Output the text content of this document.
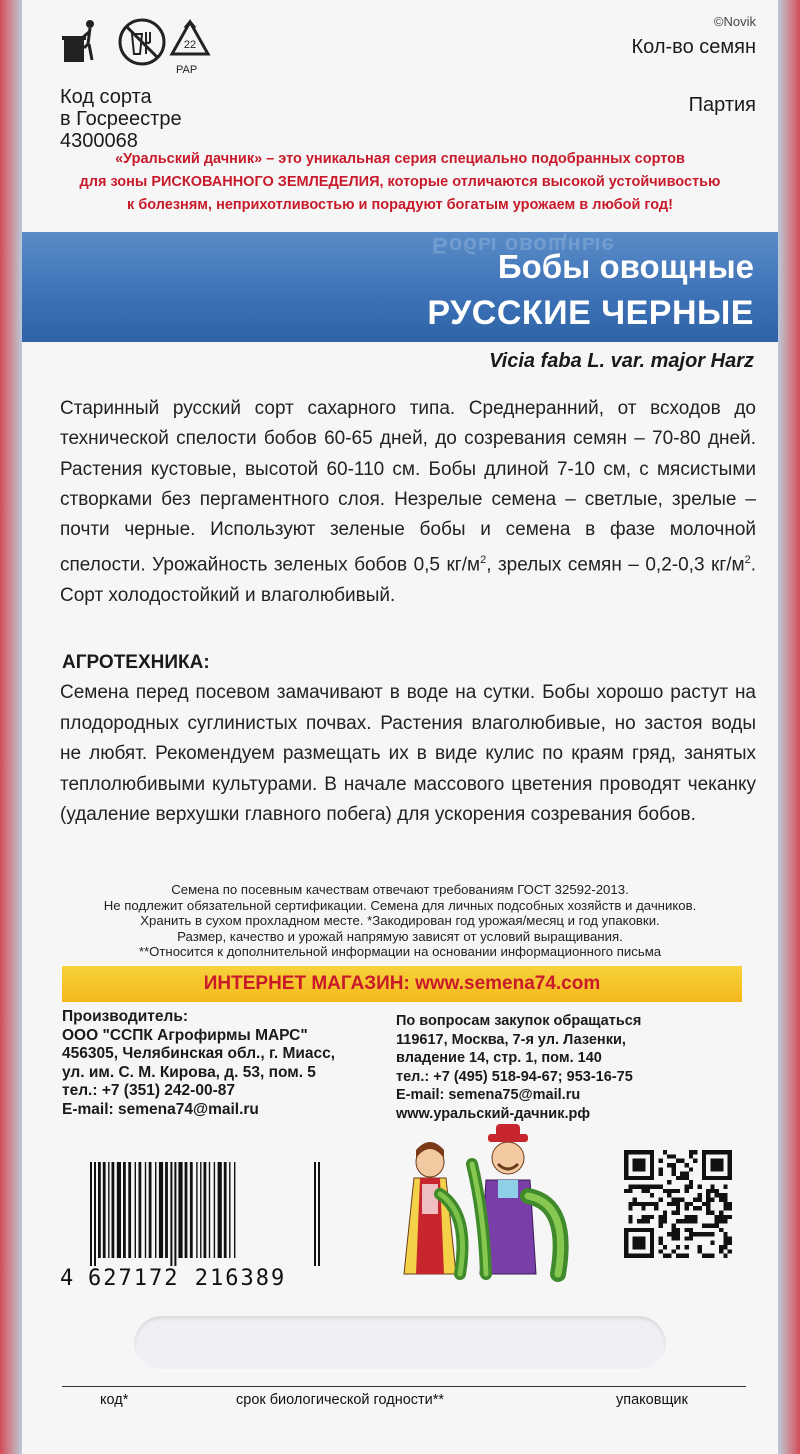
22
PAP
©Novik
Кол-во семян
Партия
Код сорта
в Госреестре
4300068
«Уральский дачник» – это уникальная серия специально подобранных сортов
для зоны РИСКОВАННОГО ЗЕМЛЕДЕЛИЯ, которые отличаются высокой устойчивостью
к болезням, неприхотливостью и порадуют богатым урожаем в любой год!
Бобы овощные
Бобы овощные
РУССКИЕ ЧЕРНЫЕ
Vicia faba L. var. major Harz
Старинный русский сорт сахарного типа. Среднеранний, от всходов до технической спелости бобов 60-65 дней, до созревания семян – 70-80 дней. Растения кустовые, высотой 60-110 см. Бобы длиной 7-10 см, с мясистыми створками без пергаментного слоя. Незрелые семена – светлые, зрелые – почти черные. Используют зеленые бобы и семена в фазе молочной спелости. Урожайность зеленых бобов 0,5 $кг/м^2$, зрелых семян – 0,2-0,3 $кг/м^2$. Сорт холодостойкий и влаголюбивый.
АГРОТЕХНИКА:
Семена перед посевом замачивают в воде на сутки. Бобы хорошо растут на плодородных суглинистых почвах. Растения влаголюбивые, но застоя воды не любят. Рекомендуем размещать их в виде кулис по краям гряд, занятых теплолюбивыми культурами. В начале массового цветения проводят чеканку (удаление верхушки главного побега) для ускорения созревания бобов.
Семена по посевным качествам отвечают требованиям ГОСТ 32592-2013.
Не подлежит обязательной сертификации. Семена для личных подсобных хозяйств и дачников.
Хранить в сухом прохладном месте. *Закодирован год урожая/месяц и год упаковки.
Размер, качество и урожай напрямую зависят от условий выращивания.
**Относится к дополнительной информации на основании информационного письма
ИНТЕРНЕТ МАГАЗИН: www.semena74.com
Производитель:
ООО "ССПК Агрофирмы МАРС"
456305, Челябинская обл., г. Миасс,
ул. им. С. М. Кирова, д. 53, пом. 5
тел.: +7 (351) 242-00-87
E-mail: semena74@mail.ru
По вопросам закупок обращаться
119617, Москва, 7-я ул. Лазенки,
владение 14, стр. 1, пом. 140
тел.: +7 (495) 518-94-67; 953-16-75
E-mail: semena75@mail.ru
www.уральский-дачник.рф
4 627172 216389
код*	срок биологической годности**	упаковщик
